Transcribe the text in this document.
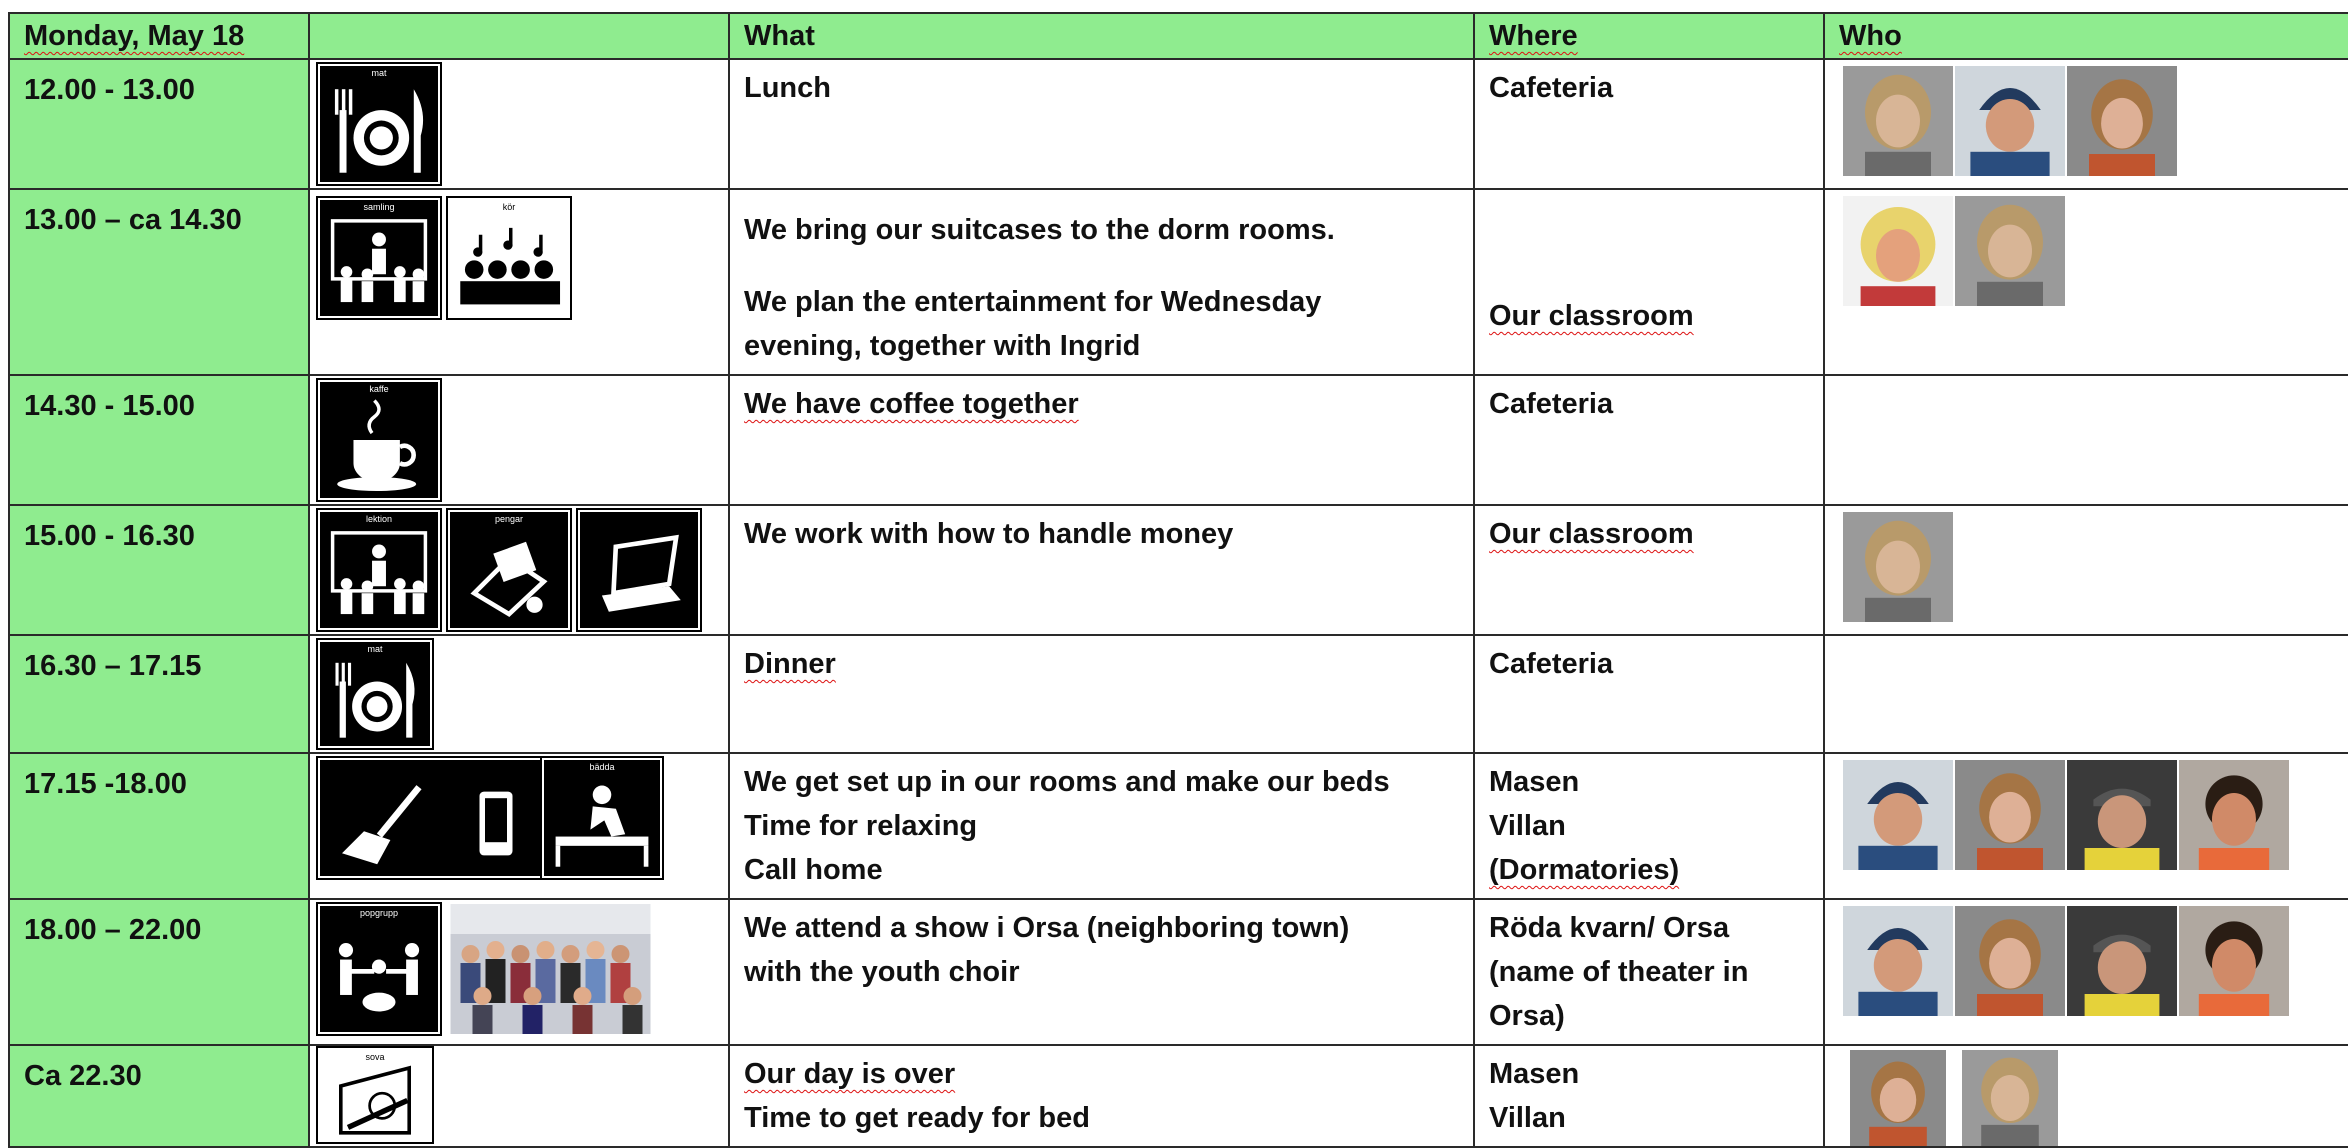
Monday, May 18		What	Where	Who
12.00 - 13.00	mat	Lunch	Cafeteria

13.00 – ca 14.30	samling kör	We bring our suitcases to the dorm rooms.
We plan the entertainment for Wednesday
evening, together with Ingrid	Our classroom

14.30 - 15.00	kaffe	We have coffee together	Cafeteria	

15.00 - 16.30	lektion pengar	We work with how to handle money	Our classroom

16.30 – 17.15	mat	Dinner	Cafeteria	

17.15 -18.00	bädda	We get set up in our rooms and make our beds
Time for relaxing
Call home	Masen
Villan
(Dormatories)

18.00 – 22.00	popgrupp	We attend a show i Orsa (neighboring town)
with the youth choir	Röda kvarn/ Orsa
(name of theater in
Orsa)

Ca 22.30	sova	Our day is over
Time to get ready for bed	Masen
Villan
